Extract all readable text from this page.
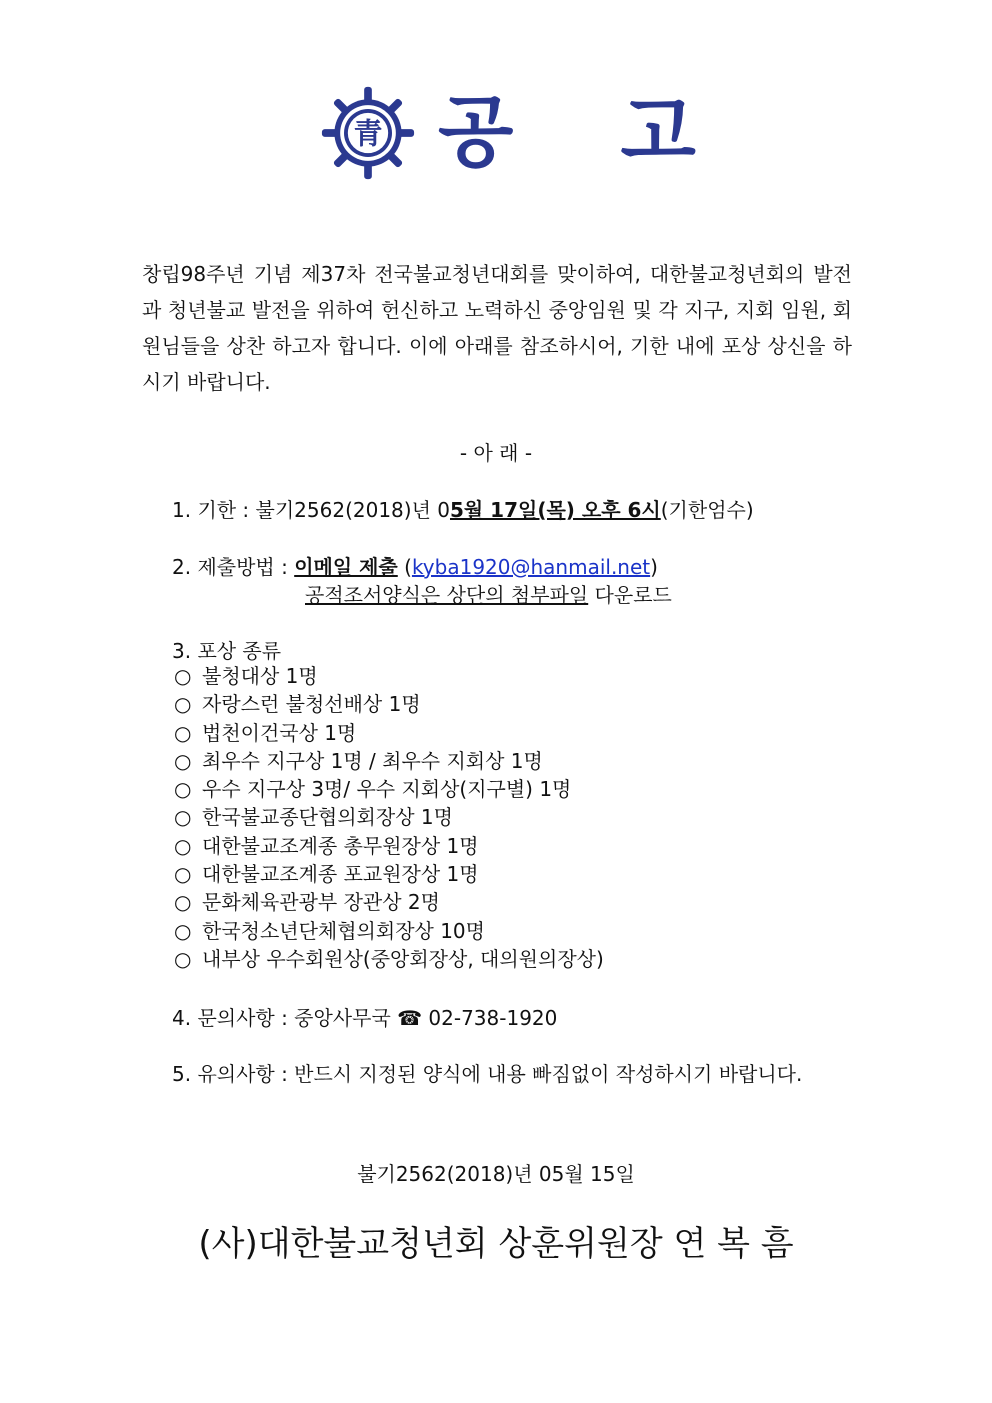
青 공 고
창립98주년 기념 제37차 전국불교청년대회를 맞이하여, 대한불교청년회의 발전과 청년불교 발전을 위하여 헌신하고 노력하신 중앙임원 및 각 지구, 지회 임원, 회원님들을 상찬 하고자 합니다. 이에 아래를 참조하시어, 기한 내에 포상 상신을 하시기 바랍니다.
- 아 래 -
1. 기한 : 불기2562(2018)년 05월 17일(목) 오후 6시(기한엄수)
2. 제출방법 : 이메일 제출 (kyba1920@hanmail.net)
공적조서양식은 상단의 첨부파일 다운로드
3. 포상 종류
○ 불청대상 1명
○ 자랑스런 불청선배상 1명
○ 법천이건국상 1명
○ 최우수 지구상 1명 / 최우수 지회상 1명
○ 우수 지구상 3명/ 우수 지회상(지구별) 1명
○ 한국불교종단협의회장상 1명
○ 대한불교조계종 총무원장상 1명
○ 대한불교조계종 포교원장상 1명
○ 문화체육관광부 장관상 2명
○ 한국청소년단체협의회장상 10명
○ 내부상 우수회원상(중앙회장상, 대의원의장상)
4. 문의사항 : 중앙사무국 ☎ 02-738-1920
5. 유의사항 : 반드시 지정된 양식에 내용 빠짐없이 작성하시기 바랍니다.
불기2562(2018)년 05월 15일
(사)대한불교청년회 상훈위원장 연 복 흠
